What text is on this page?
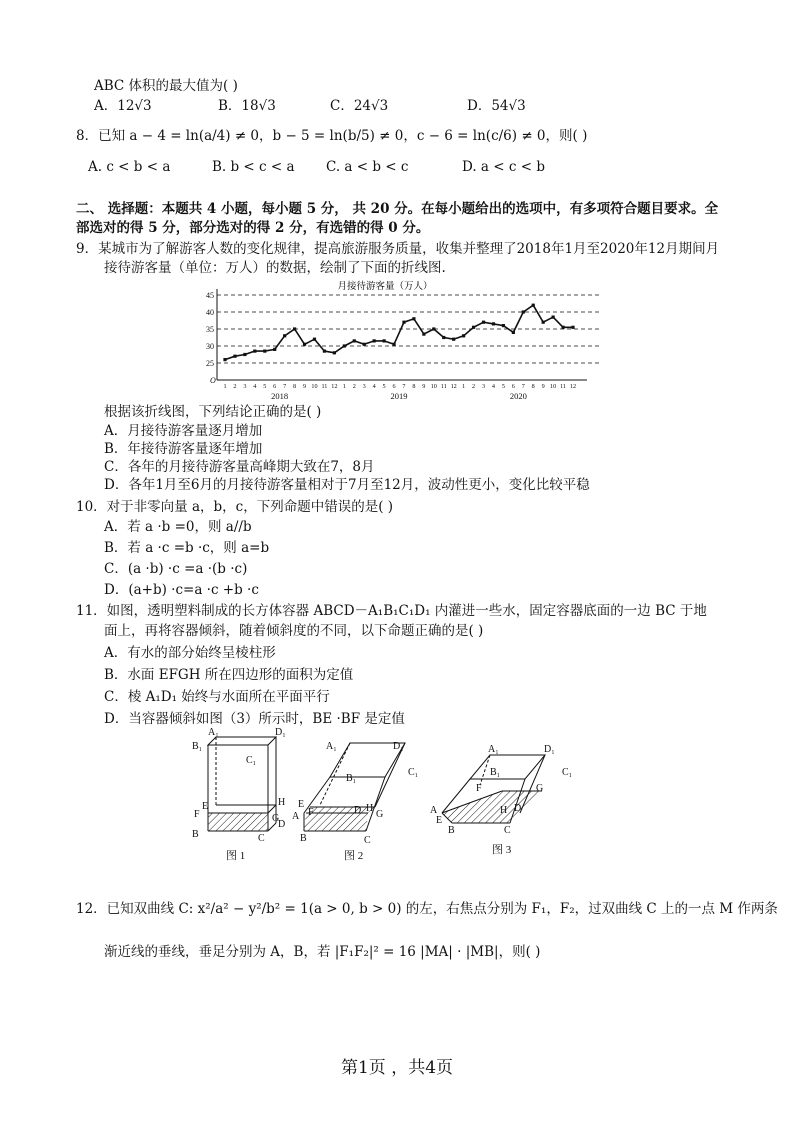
ABC 体积的最大值为( )
A．12√3	B．18√3	C．24√3	D．54√3
8．已知 a − 4 = ln(a/4) ≠ 0，b − 5 = ln(b/5) ≠ 0，c − 6 = ln(c/6) ≠ 0，则( )
A. c < b < a	B. b < c < a C. a < b < c	D. a < c < b
二、 选择题：本题共 4 小题，每小题 5 分， 共 20 分。在每小题给出的选项中，有多项符合题目要求。全
部选对的得 5 分，部分选对的得 2 分，有选错的得 0 分。
9．某城市为了解游客人数的变化规律，提高旅游服务质量，收集并整理了2018年1月至2020年12月期间月
接待游客量（单位：万人）的数据，绘制了下面的折线图.
月接待游客量（万人）
25
30
35
40
45
O
1 2 3 4 5 6 7 8 9 10 11 12 1 2 3 4 5 6 7 8 9 10 11 12 1 2 3 4 5 6 7 8 9 10 11 12
2018	2019	2020
根据该折线图，下列结论正确的是( )
A．月接待游客量逐月增加
B．年接待游客量逐年增加
C．各年的月接待游客量高峰期大致在7，8月
D．各年1月至6月的月接待游客量相对于7月至12月，波动性更小，变化比较平稳
10．对于非零向量 a，b，c，下列命题中错误的是( )
A．若 a ·b =0，则 a//b
B．若 a ·c =b ·c，则 a=b
C．(a ·b) ·c =a ·(b ·c)
D．(a+b) ·c=a ·c +b ·c
11．如图，透明塑料制成的长方体容器 ABCD－A₁B₁C₁D₁ 内灌进一些水，固定容器底面的一边 BC 于地
面上，再将容器倾斜，随着倾斜度的不同，以下命题正确的是( )
A．有水的部分始终呈棱柱形
B．水面 EFGH 所在四边形的面积为定值
C．棱 A₁D₁ 始终与水面所在平面平行
D．当容器倾斜如图（3）所示时，BE ·BF 是定值
A₁	D₁
B₁
C₁
E	H
F	G
D
B	C
图 1
A₁	D₁
B₁
C₁
E
A F	D H
G
B	C
图 2
A₁	D₁
B₁	C₁
F	G
A
E
D
H
B	C
图 3
12．已知双曲线 C: x²/a² − y²/b² = 1(a > 0, b > 0) 的左，右焦点分别为 F₁，F₂，过双曲线 C 上的一点 M 作两条
渐近线的垂线，垂足分别为 A，B，若 |F₁F₂|² = 16 |MA| · |MB|，则( )
第1页 ，共4页
